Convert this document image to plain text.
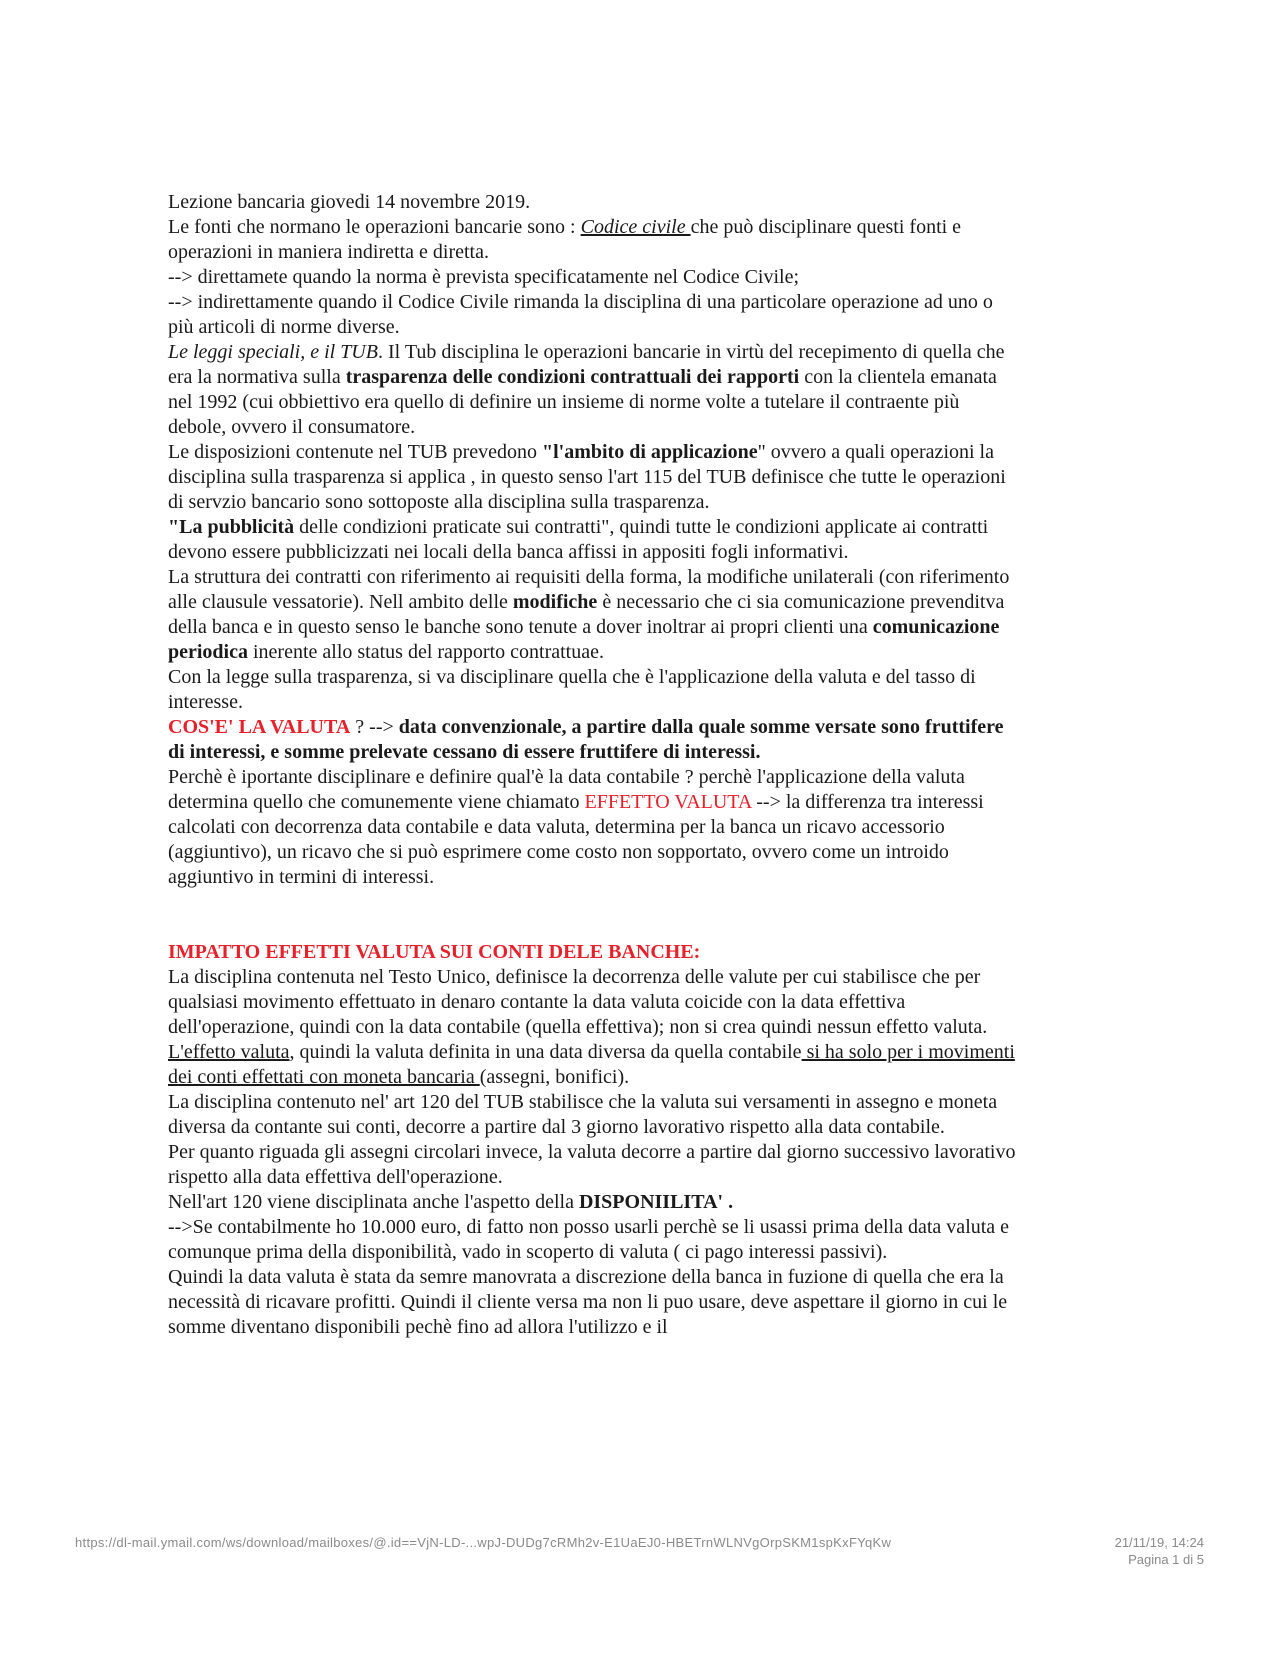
Lezione bancaria giovedi 14 novembre 2019.

Le fonti che normano le operazioni bancarie sono : Codice civile che può disciplinare questi fonti e operazioni in maniera indiretta e diretta.

--> direttamete quando la norma è prevista specificatamente nel Codice Civile;

--> indirettamente quando il Codice Civile rimanda la disciplina di una particolare operazione ad uno o più articoli di norme diverse.

Le leggi speciali, e il TUB. Il Tub disciplina le operazioni bancarie in virtù del recepimento di quella che era la normativa sulla trasparenza delle condizioni contrattuali dei rapporti con la clientela emanata nel 1992 (cui obbiettivo era quello di definire un insieme di norme volte a tutelare il contraente più debole, ovvero il consumatore.

Le disposizioni contenute nel TUB prevedono "l'ambito di applicazione" ovvero a quali operazioni la disciplina sulla trasparenza si applica , in questo senso l'art 115 del TUB definisce che tutte le operazioni di servzio bancario sono sottoposte alla disciplina sulla trasparenza.

"La pubblicità delle condizioni praticate sui contratti", quindi tutte le condizioni applicate ai contratti devono essere pubblicizzati nei locali della banca affissi in appositi fogli informativi.

La struttura dei contratti con riferimento ai requisiti della forma, la modifiche unilaterali (con riferimento alle clausule vessatorie). Nell ambito delle modifiche è necessario che ci sia comunicazione prevenditva della banca e in questo senso le banche sono tenute a dover inoltrar ai propri clienti una comunicazione periodica inerente allo status del rapporto contrattuae.

Con la legge sulla trasparenza, si va disciplinare quella che è l'applicazione della valuta e del tasso di interesse.

COS'E' LA VALUTA ? --> data convenzionale, a partire dalla quale somme versate sono fruttifere di interessi, e somme prelevate cessano di essere fruttifere di interessi.

Perchè è iportante disciplinare e definire qual'è la data contabile ? perchè l'applicazione della valuta determina quello che comunemente viene chiamato EFFETTO VALUTA --> la differenza tra interessi calcolati con decorrenza data contabile e data valuta, determina per la banca un ricavo accessorio (aggiuntivo), un ricavo che si può esprimere come costo non sopportato, ovvero come un introido aggiuntivo in termini di interessi.

IMPATTO EFFETTI VALUTA SUI CONTI DELE BANCHE:

La disciplina contenuta nel Testo Unico, definisce la decorrenza delle valute per cui stabilisce che per qualsiasi movimento effettuato in denaro contante la data valuta coicide con la data effettiva dell'operazione, quindi con la data contabile (quella effettiva); non si crea quindi nessun effetto valuta.

L'effetto valuta, quindi la valuta definita in una data diversa da quella contabile si ha solo per i movimenti dei conti effettati con moneta bancaria (assegni, bonifici).

La disciplina contenuto nel' art 120 del TUB stabilisce che la valuta sui versamenti in assegno e moneta diversa da contante sui conti, decorre a partire dal 3 giorno lavorativo rispetto alla data contabile.

Per quanto riguada gli assegni circolari invece, la valuta decorre a partire dal giorno successivo lavorativo rispetto alla data effettiva dell'operazione.

Nell'art 120 viene disciplinata anche l'aspetto della DISPONIILITA' .

-->Se contabilmente ho 10.000 euro, di fatto non posso usarli perchè se li usassi prima della data valuta e comunque prima della disponibilità, vado in scoperto di valuta ( ci pago interessi passivi).

Quindi la data valuta è stata da semre manovrata a discrezione della banca in fuzione di quella che era la necessità di ricavare profitti. Quindi il cliente versa ma non li puo usare, deve aspettare il giorno in cui le somme diventano disponibili pechè fino ad allora l'utilizzo e il

https://dl-mail.ymail.com/ws/download/mailboxes/@.id==VjN-LD-...wpJ-DUDg7cRMh2v-E1UaEJ0-HBETrnWLNVgOrpSKM1spKxFYqKw	21/11/19, 14:24
Pagina 1 di 5
